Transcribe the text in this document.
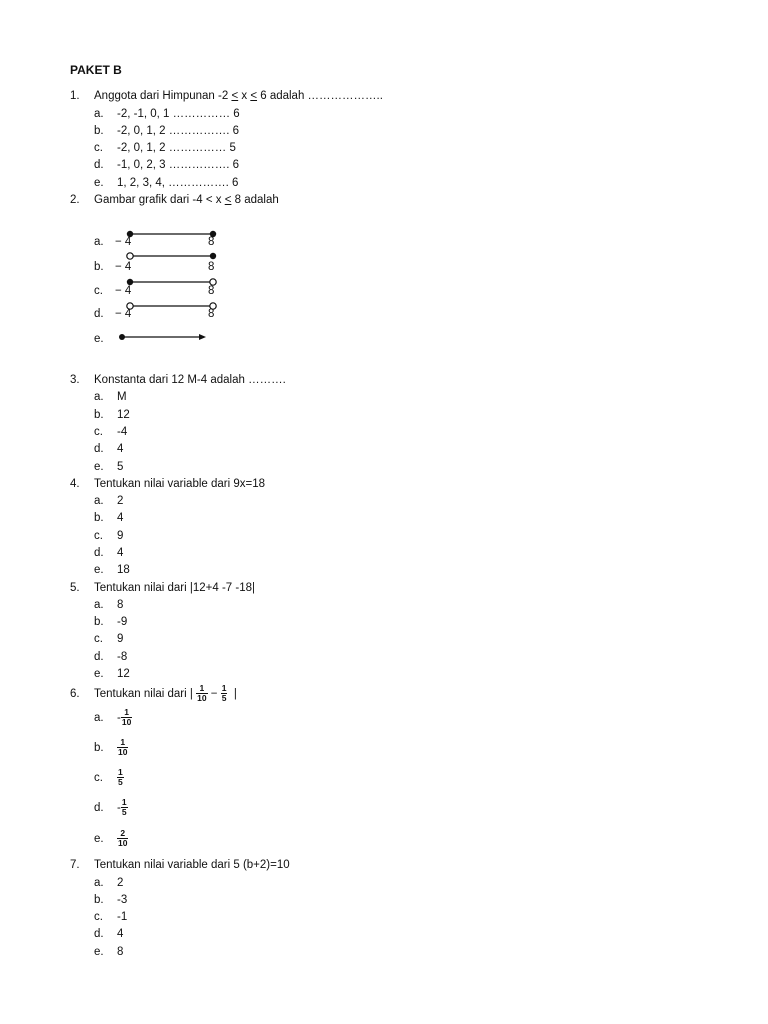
PAKET B
1. Anggota dari Himpunan -2 < x < 6 adalah ………………..
a. -2, -1, 0, 1 …………… 6
b. -2, 0, 1, 2 ……………. 6
c. -2, 0, 1, 2 …………… 5
d. -1, 0, 2, 3 ……………. 6
e. 1, 2, 3, 4, ……………. 6
2. Gambar grafik dari -4 < x < 8 adalah
a.
b.
c.
d.
e.
− 4	8
− 4	8
− 4	8
− 4	8
3. Konstanta dari 12 M-4 adalah ……….
a. M
b. 12
c. -4
d. 4
e. 5
4. Tentukan nilai variable dari 9x=18
a. 2
b. 4
c. 9
d. 4
e. 18
5. Tentukan nilai dari |12+4 -7 -18|
a. 8
b. -9
c. 9
d. -8
e. 12
6. Tentukan nilai dari | $\frac{1}{10} - \frac{1}{5}$ |
a. - $\frac{1}{10}$
b. $\frac{1}{10}$
c. $\frac{1}{5}$
d. - $\frac{1}{5}$
e. $\frac{2}{10}$
7. Tentukan nilai variable dari 5 (b+2)=10
a. 2
b. -3
c. -1
d. 4
e. 8
